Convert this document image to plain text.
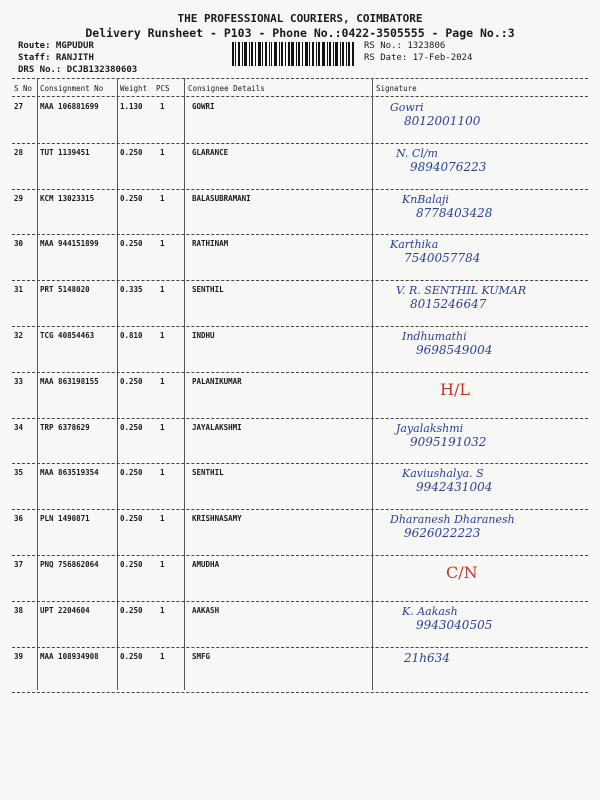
THE PROFESSIONAL COURIERS, COIMBATORE
Delivery Runsheet - P103 - Phone No.:0422-3505555 - Page No.:3
Route: MGPUDUR
Staff: RANJITH
DRS No.: DCJB132380603
RS No.: 1323806
RS Date: 17-Feb-2024
S No Consignment No Weight PCS Consignee Details	Signature
27 MAA 106881699	1.130 1	GOWRI	Gowri
8012001100
28 TUT 1139451	0.250 1	GLARANCE	N. Cl/m
9894076223
29 KCM 13023315	0.250 1	BALASUBRAMANI	KnBalaji
8778403428
30 MAA 944151899	0.250 1	RATHINAM	Karthika
7540057784
31 PRT 5148020	0.335 1	SENTHIL	V. R. SENTHIL KUMAR
8015246647
32 TCG 40854463	0.810 1	INDHU	Indhumathi
9698549004
33 MAA 863198155	0.250 1	PALANIKUMAR	H/L
34 TRP 6378629	0.250 1	JAYALAKSHMI	Jayalakshmi
9095191032
35 MAA 863519354	0.250 1	SENTHIL	Kaviushalya. S
9942431004
36 PLN 1490871	0.250 1	KRISHNASAMY	Dharanesh Dharanesh
9626022223
37 PNQ 756862064	0.250 1	AMUDHA	C/N
38 UPT 2204604	0.250 1	AAKASH	K. Aakash
9943040505
39 MAA 108934908	0.250 1	SMFG	21h634
